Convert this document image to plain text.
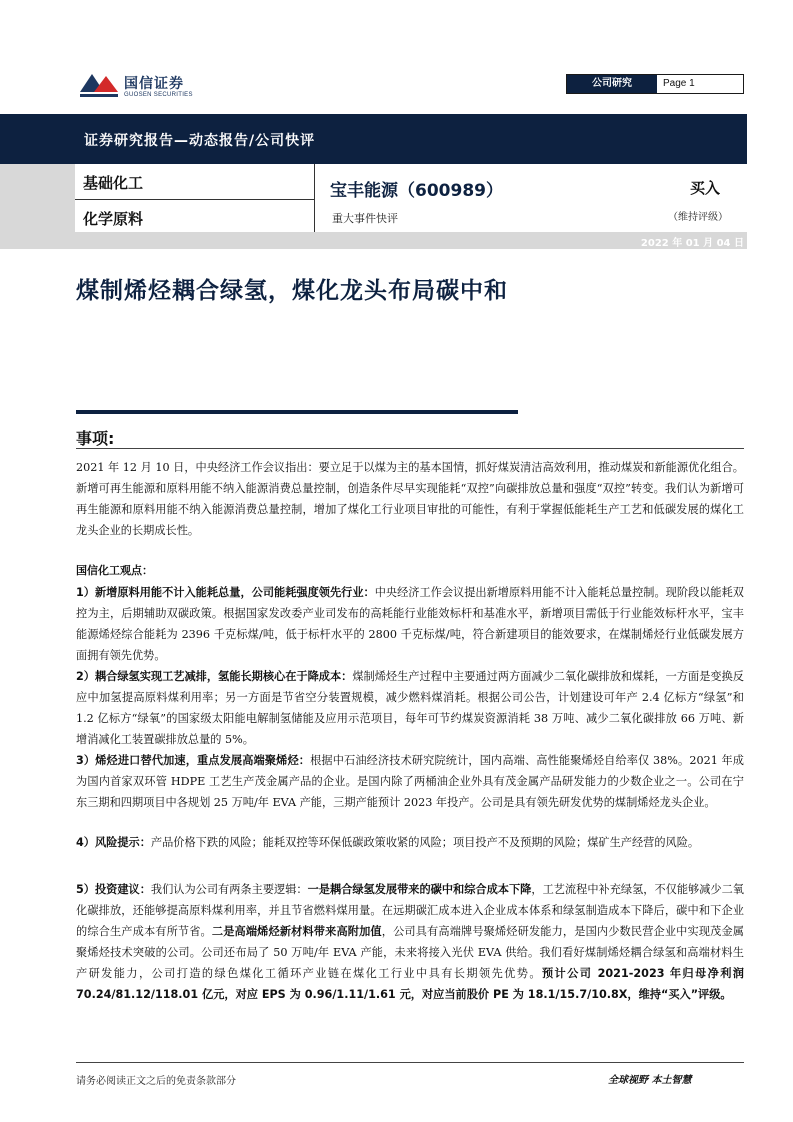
国信证券
GUOSEN SECURITIES
公司研究	Page 1
证券研究报告—动态报告/公司快评
基础化工
化学原料
宝丰能源（600989）
重大事件快评
买入
（维持评级）
2022 年 01 月 04 日
煤制烯烃耦合绿氢，煤化龙头布局碳中和
事项:
2021 年 12 月 10 日，中央经济工作会议指出：要立足于以煤为主的基本国情，抓好煤炭清洁高效利用，推动煤炭和新能源优化组合。新增可再生能源和原料用能不纳入能源消费总量控制，创造条件尽早实现能耗“双控”向碳排放总量和强度“双控”转变。我们认为新增可再生能源和原料用能不纳入能源消费总量控制，增加了煤化工行业项目审批的可能性，有利于掌握低能耗生产工艺和低碳发展的煤化工龙头企业的长期成长性。
国信化工观点：
1）新增原料用能不计入能耗总量，公司能耗强度领先行业：中央经济工作会议提出新增原料用能不计入能耗总量控制。现阶段以能耗双控为主，后期辅助双碳政策。根据国家发改委产业司发布的高耗能行业能效标杆和基准水平，新增项目需低于行业能效标杆水平，宝丰能源烯烃综合能耗为 2396 千克标煤/吨，低于标杆水平的 2800 千克标煤/吨，符合新建项目的能效要求，在煤制烯烃行业低碳发展方面拥有领先优势。
2）耦合绿氢实现工艺减排，氢能长期核心在于降成本：煤制烯烃生产过程中主要通过两方面减少二氧化碳排放和煤耗，一方面是变换反应中加氢提高原料煤利用率；另一方面是节省空分装置规模，减少燃料煤消耗。根据公司公告，计划建设可年产 2.4 亿标方“绿氢”和 1.2 亿标方“绿氧”的国家级太阳能电解制氢储能及应用示范项目，每年可节约煤炭资源消耗 38 万吨、减少二氧化碳排放 66 万吨、新增消减化工装置碳排放总量的 5%。
3）烯烃进口替代加速，重点发展高端聚烯烃：根据中石油经济技术研究院统计，国内高端、高性能聚烯烃自给率仅 38%。2021 年成为国内首家双环管 HDPE 工艺生产茂金属产品的企业。是国内除了两桶油企业外具有茂金属产品研发能力的少数企业之一。公司在宁东三期和四期项目中各规划 25 万吨/年 EVA 产能，三期产能预计 2023 年投产。公司是具有领先研发优势的煤制烯烃龙头企业。
4）风险提示：产品价格下跌的风险；能耗双控等环保低碳政策收紧的风险；项目投产不及预期的风险；煤矿生产经营的风险。
5）投资建议：我们认为公司有两条主要逻辑：一是耦合绿氢发展带来的碳中和综合成本下降，工艺流程中补充绿氢，不仅能够减少二氧化碳排放，还能够提高原料煤利用率，并且节省燃料煤用量。在远期碳汇成本进入企业成本体系和绿氢制造成本下降后，碳中和下企业的综合生产成本有所节省。二是高端烯烃新材料带来高附加值，公司具有高端牌号聚烯烃研发能力，是国内少数民营企业中实现茂金属聚烯烃技术突破的公司。公司还布局了 50 万吨/年 EVA 产能，未来将接入光伏 EVA 供给。我们看好煤制烯烃耦合绿氢和高端材料生产研发能力，公司打造的绿色煤化工循环产业链在煤化工行业中具有长期领先优势。预计公司 2021-2023 年归母净利润 70.24/81.12/118.01 亿元，对应 EPS 为 0.96/1.11/1.61 元，对应当前股价 PE 为 18.1/15.7/10.8X，维持“买入”评级。
请务必阅读正文之后的免责条款部分	全球视野 本土智慧
